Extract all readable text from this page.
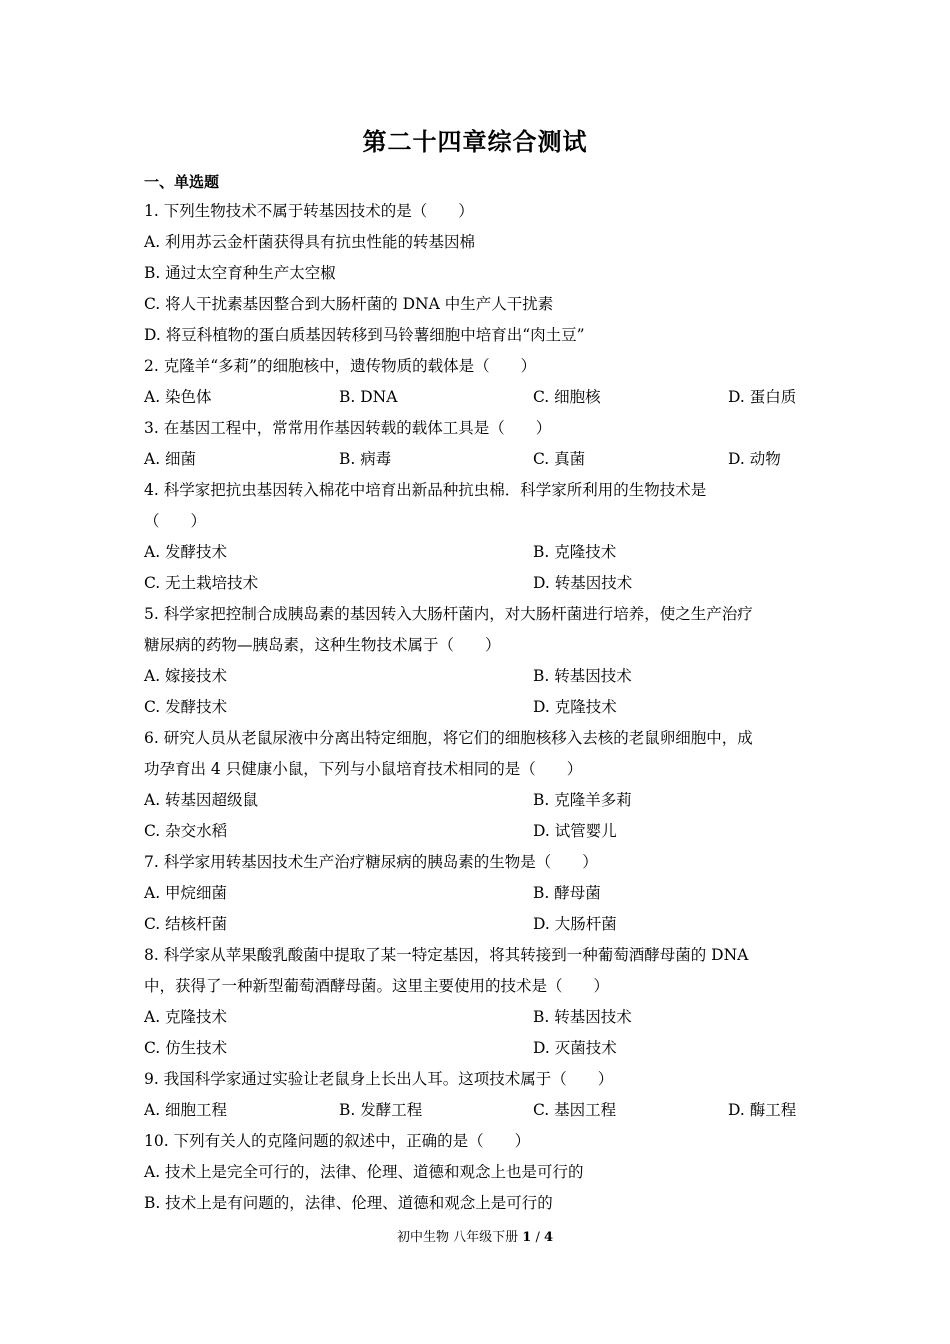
第二十四章综合测试
一、单选题
1. 下列生物技术不属于转基因技术的是（　　）
A. 利用苏云金杆菌获得具有抗虫性能的转基因棉
B. 通过太空育种生产太空椒
C. 将人干扰素基因整合到大肠杆菌的 DNA 中生产人干扰素
D. 将豆科植物的蛋白质基因转移到马铃薯细胞中培育出“肉土豆”
2. 克隆羊“多莉”的细胞核中，遗传物质的载体是（　　）
A. 染色体	B. DNA	C. 细胞核	D. 蛋白质
3. 在基因工程中，常常用作基因转载的载体工具是（　　）
A. 细菌	B. 病毒	C. 真菌	D. 动物
4. 科学家把抗虫基因转入棉花中培育出新品种抗虫棉．科学家所利用的生物技术是
（　　）
A. 发酵技术	B. 克隆技术
C. 无土栽培技术	D. 转基因技术
5. 科学家把控制合成胰岛素的基因转入大肠杆菌内，对大肠杆菌进行培养，使之生产治疗
糖尿病的药物—胰岛素，这种生物技术属于（　　）
A. 嫁接技术	B. 转基因技术
C. 发酵技术	D. 克隆技术
6. 研究人员从老鼠尿液中分离出特定细胞，将它们的细胞核移入去核的老鼠卵细胞中，成
功孕育出 4 只健康小鼠，下列与小鼠培育技术相同的是（　　）
A. 转基因超级鼠	B. 克隆羊多莉
C. 杂交水稻	D. 试管婴儿
7. 科学家用转基因技术生产治疗糖尿病的胰岛素的生物是（　　）
A. 甲烷细菌	B. 酵母菌
C. 结核杆菌	D. 大肠杆菌
8. 科学家从苹果酸乳酸菌中提取了某一特定基因，将其转接到一种葡萄酒酵母菌的 DNA
中，获得了一种新型葡萄酒酵母菌。这里主要使用的技术是（　　）
A. 克隆技术	B. 转基因技术
C. 仿生技术	D. 灭菌技术
9. 我国科学家通过实验让老鼠身上长出人耳。这项技术属于（　　）
A. 细胞工程	B. 发酵工程	C. 基因工程	D. 酶工程
10. 下列有关人的克隆问题的叙述中，正确的是（　　）
A. 技术上是完全可行的，法律、伦理、道德和观念上也是可行的
B. 技术上是有问题的，法律、伦理、道德和观念上是可行的
初中生物 八年级下册 1 / 4
